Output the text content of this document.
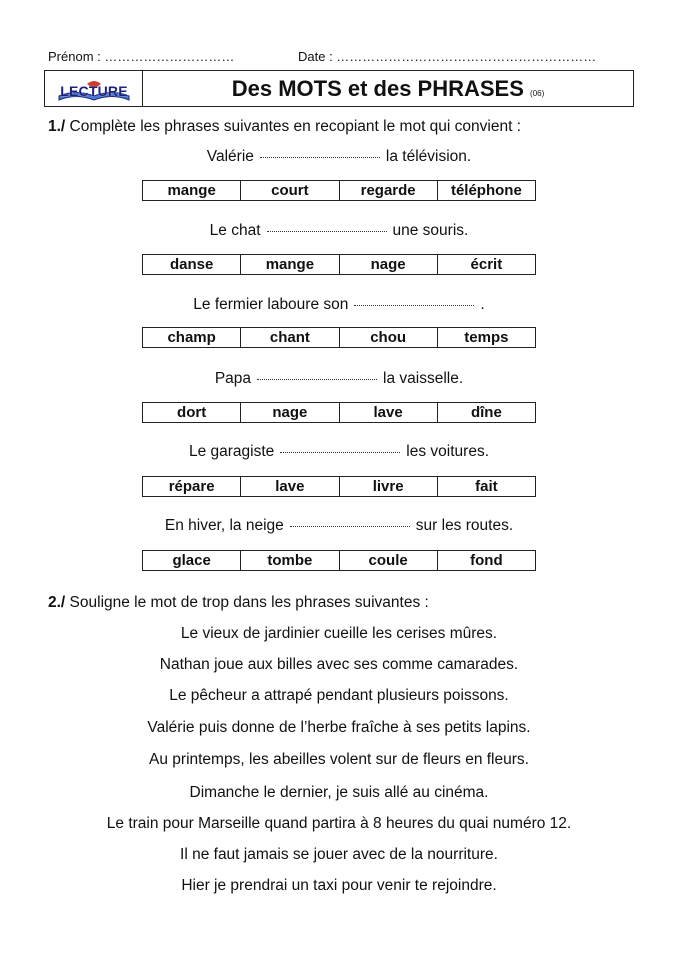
Prénom : …………………………	Date : ……………………………………………………
LECTURE	Des MOTS et des PHRASES (06)
1./ Complète les phrases suivantes en recopiant le mot qui convient :
Valérie	la télévision.
mange	court	regarde	téléphone
Le chat	une souris.
danse	mange	nage	écrit
Le fermier laboure son	.
champ	chant	chou	temps
Papa	la vaisselle.
dort	nage	lave	dîne
Le garagiste	les voitures.
répare	lave	livre	fait
En hiver, la neige	sur les routes.
glace	tombe	coule	fond
2./ Souligne le mot de trop dans les phrases suivantes :
Le vieux de jardinier cueille les cerises mûres.
Nathan joue aux billes avec ses comme camarades.
Le pêcheur a attrapé pendant plusieurs poissons.
Valérie puis donne de l’herbe fraîche à ses petits lapins.
Au printemps, les abeilles volent sur de fleurs en fleurs.
Dimanche le dernier, je suis allé au cinéma.
Le train pour Marseille quand partira à 8 heures du quai numéro 12.
Il ne faut jamais se jouer avec de la nourriture.
Hier je prendrai un taxi pour venir te rejoindre.
